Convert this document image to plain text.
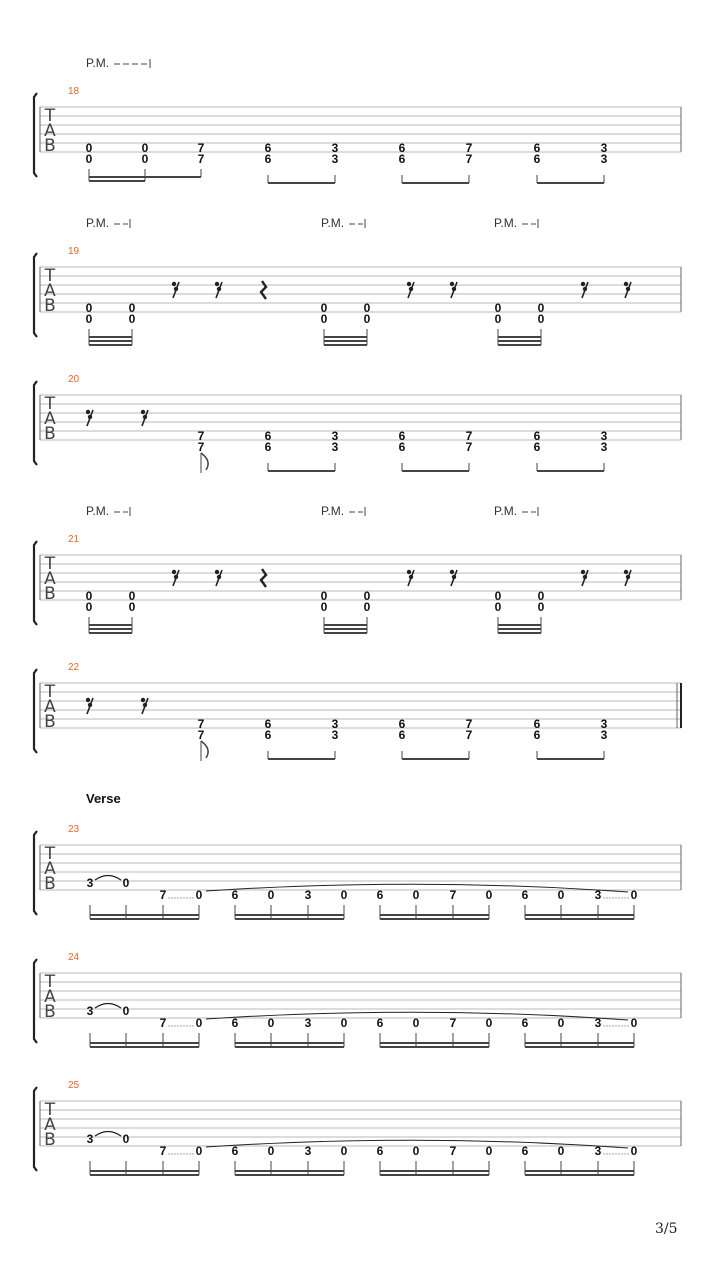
T
A
B
18
P.M.
0
0
0
0
7
7
6
6
3
3
6
6
7
7
6
6
3
3
T
A
B
19
P.M.	P.M.	P.M.
0
0
0
0
0
0
0
0
0
0
0
0
T
A
B
21
P.M.	P.M.	P.M.
0
0
0
0
0
0
0
0
0
0
0
0
T
A
B
20
7
7
6
6
3
3
6
6
7
7
6
6
3
3
T
A
B
22
7
7
6
6
3
3
6
6
7
7
6
6
3
3
Verse
T
A
B
23
3 0
7 0 6 0	3 0 6 0	7 0 6 0	3 0
T
A
B
24
3 0
7 0 6 0	3 0 6 0	7 0 6 0	3 0
T
A
B
25
3 0
7 0 6 0	3 0 6 0	7 0 6 0	3 0
3/5
